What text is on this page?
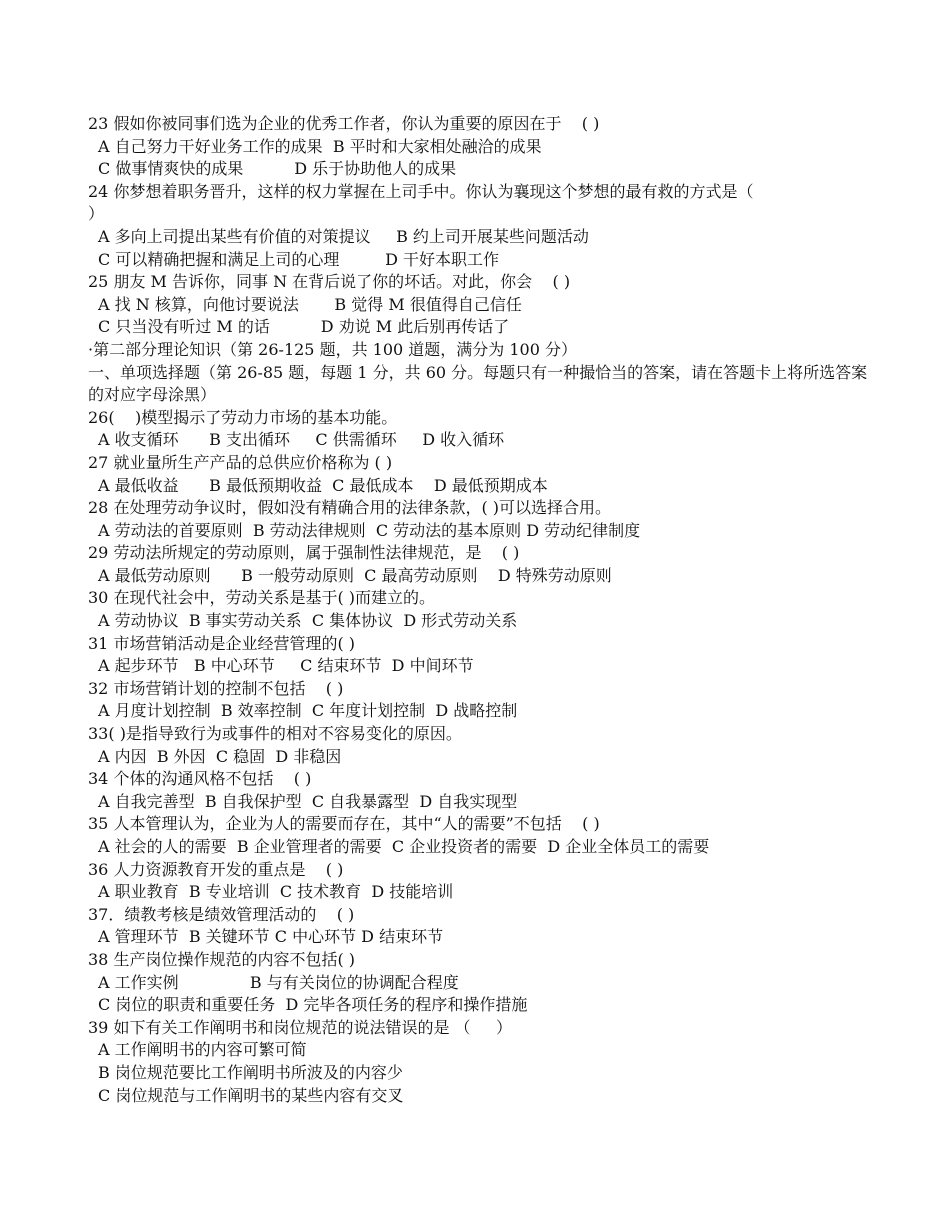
23 假如你被同事们选为企业的优秀工作者，你认为重要的原因在于    ( )

A 自己努力干好业务工作的成果  B 平时和大家相处融洽的成果

C 做事情爽快的成果          D 乐于协助他人的成果

24 你梦想着职务晋升，这样的权力掌握在上司手中。你认为襄现这个梦想的最有救的方式是（

）

A 多向上司提出某些有价值的对策提议     B 约上司开展某些问题活动

C 可以精确把握和满足上司的心理         D 干好本职工作

25 朋友 M 告诉你，同事 N 在背后说了你的坏话。对此，你会    ( )

A 找 N 核算，向他讨要说法       B 觉得 M 很值得自己信任

C 只当没有听过 M 的话          D 劝说 M 此后别再传话了

·第二部分理论知识（第 26-125 题，共 100 道题，满分为 100 分）

一、单项选择题（第 26-85 题，每题 1 分，共 60 分。每题只有一种撮恰当的答案，请在答题卡上将所选答案的对应字母涂黑）

26(    )模型揭示了劳动力市场的基本功能。

A 收支循环      B 支出循环     C 供需循环     D 收入循环

27 就业量所生产产品的总供应价格称为 ( )

A 最低收益      B 最低预期收益  C 最低成本    D 最低预期成本

28 在处理劳动争议时，假如没有精确合用的法律条款，( )可以选择合用。

A 劳动法的首要原则  B 劳动法律规则  C 劳动法的基本原则 D 劳动纪律制度

29 劳动法所规定的劳动原则，属于强制性法律规范，是    ( )

A 最低劳动原则      B 一般劳动原则  C 最高劳动原则    D 特殊劳动原则

30 在现代社会中，劳动关系是基于( )而建立的。

A 劳动协议  B 事实劳动关系  C 集体协议  D 形式劳动关系

31 市场营销活动是企业经营管理的( )

A 起步环节   B 中心环节     C 结束环节  D 中间环节

32 市场营销计划的控制不包括    ( )

A 月度计划控制  B 效率控制  C 年度计划控制  D 战略控制

33( )是指导致行为或事件的相对不容易变化的原因。

A 内因  B 外因  C 稳固  D 非稳因

34 个体的沟通风格不包括    ( )

A 自我完善型  B 自我保护型  C 自我暴露型  D 自我实现型

35 人本管理认为，企业为人的需要而存在，其中“人的需要”不包括    ( )

A 社会的人的需要  B 企业管理者的需要  C 企业投资者的需要  D 企业全体员工的需要

36 人力资源教育开发的重点是    ( )

A 职业教育  B 专业培训  C 技术教育  D 技能培训

37．绩教考核是绩效管理活动的    ( )

A 管理环节  B 关键环节 C 中心环节 D 结束环节

38 生产岗位操作规范的内容不包括( )

A 工作实例              B 与有关岗位的协调配合程度

C 岗位的职责和重要任务  D 完毕各项任务的程序和操作措施

39 如下有关工作阐明书和岗位规范的说法错误的是 （     ）

A 工作阐明书的内容可繁可简

B 岗位规范要比工作阐明书所波及的内容少

C 岗位规范与工作阐明书的某些内容有交叉
